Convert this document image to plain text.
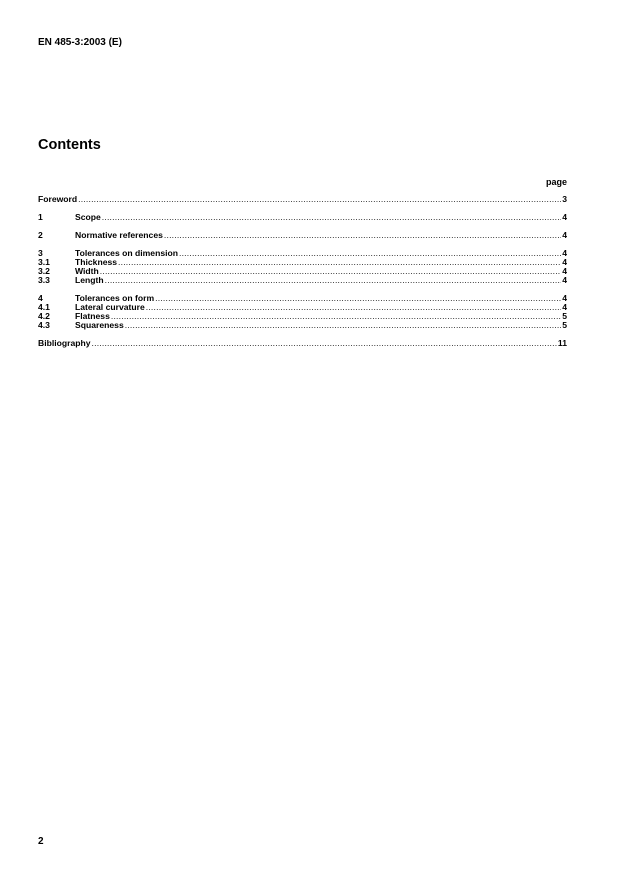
EN 485-3:2003 (E)
Contents
page
Foreword .....	3
1	Scope .....	4
2	Normative references .....	4
3	Tolerances on dimension .....	4
3.1	Thickness .....	4
3.2	Width .....	4
3.3	Length .....	4
4	Tolerances on form .....	4
4.1	Lateral curvature .....	4
4.2	Flatness .....	5
4.3	Squareness .....	5
Bibliography .....	11
2
